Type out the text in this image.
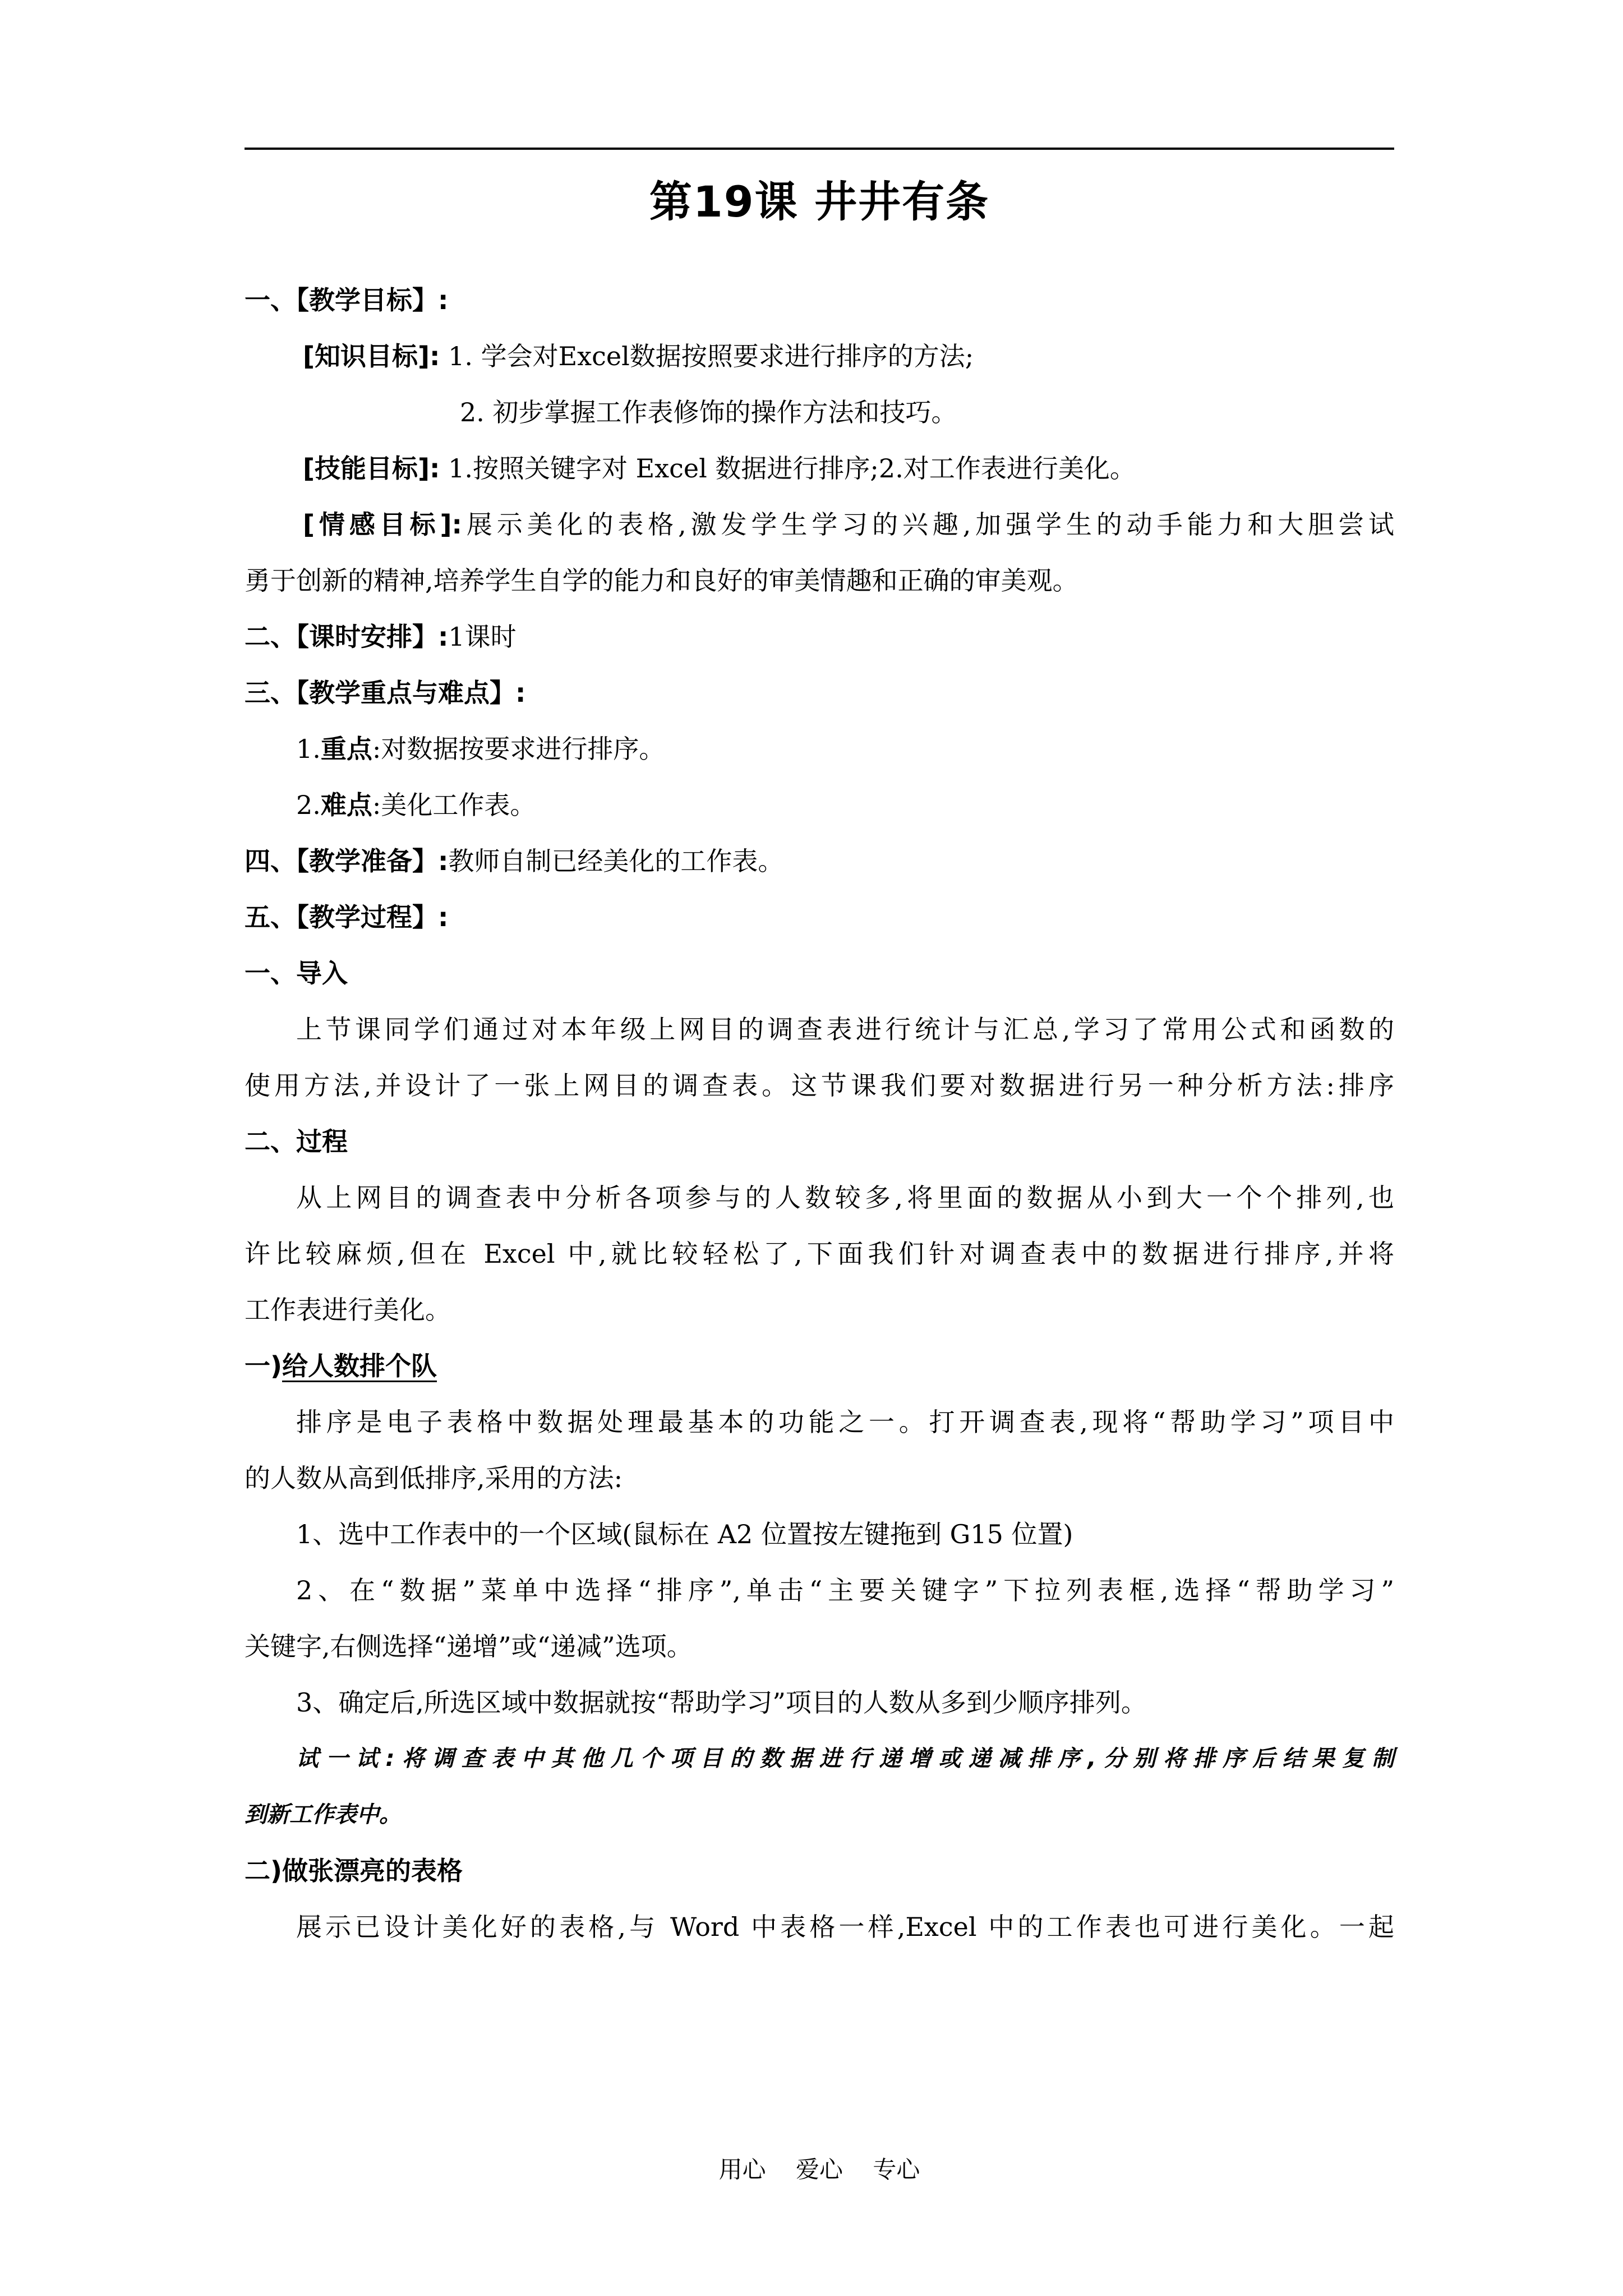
第19课 井井有条
一、【教学目标】:
[知识目标]: 1. 学会对Excel数据按照要求进行排序的方法;
2. 初步掌握工作表修饰的操作方法和技巧。
[技能目标]: 1.按照关键字对 Excel 数据进行排序;2.对工作表进行美化。
[情感目标]:展示美化的表格,激发学生学习的兴趣,加强学生的动手能力和大胆尝试
勇于创新的精神,培养学生自学的能力和良好的审美情趣和正确的审美观。
二、【课时安排】:1课时
三、【教学重点与难点】:
1.重点:对数据按要求进行排序。
2.难点:美化工作表。
四、【教学准备】:教师自制已经美化的工作表。
五、【教学过程】:
一、导入
上节课同学们通过对本年级上网目的调查表进行统计与汇总,学习了常用公式和函数的
使用方法,并设计了一张上网目的调查表。这节课我们要对数据进行另一种分析方法:排序
二、过程
从上网目的调查表中分析各项参与的人数较多,将里面的数据从小到大一个个排列,也
许比较麻烦,但在 Excel 中,就比较轻松了,下面我们针对调查表中的数据进行排序,并将
工作表进行美化。
一)给人数排个队
排序是电子表格中数据处理最基本的功能之一。打开调查表,现将“帮助学习”项目中
的人数从高到低排序,采用的方法:
1、选中工作表中的一个区域(鼠标在 A2 位置按左键拖到 G15 位置)
2、在“数据”菜单中选择“排序”,单击“主要关键字”下拉列表框,选择“帮助学习”
关键字,右侧选择“递增”或“递减”选项。
3、确定后,所选区域中数据就按“帮助学习”项目的人数从多到少顺序排列。
试一试:将调查表中其他几个项目的数据进行递增或递减排序,分别将排序后结果复制
到新工作表中。
二)做张漂亮的表格
展示已设计美化好的表格,与 Word 中表格一样,Excel 中的工作表也可进行美化。一起
用心 爱心 专心
